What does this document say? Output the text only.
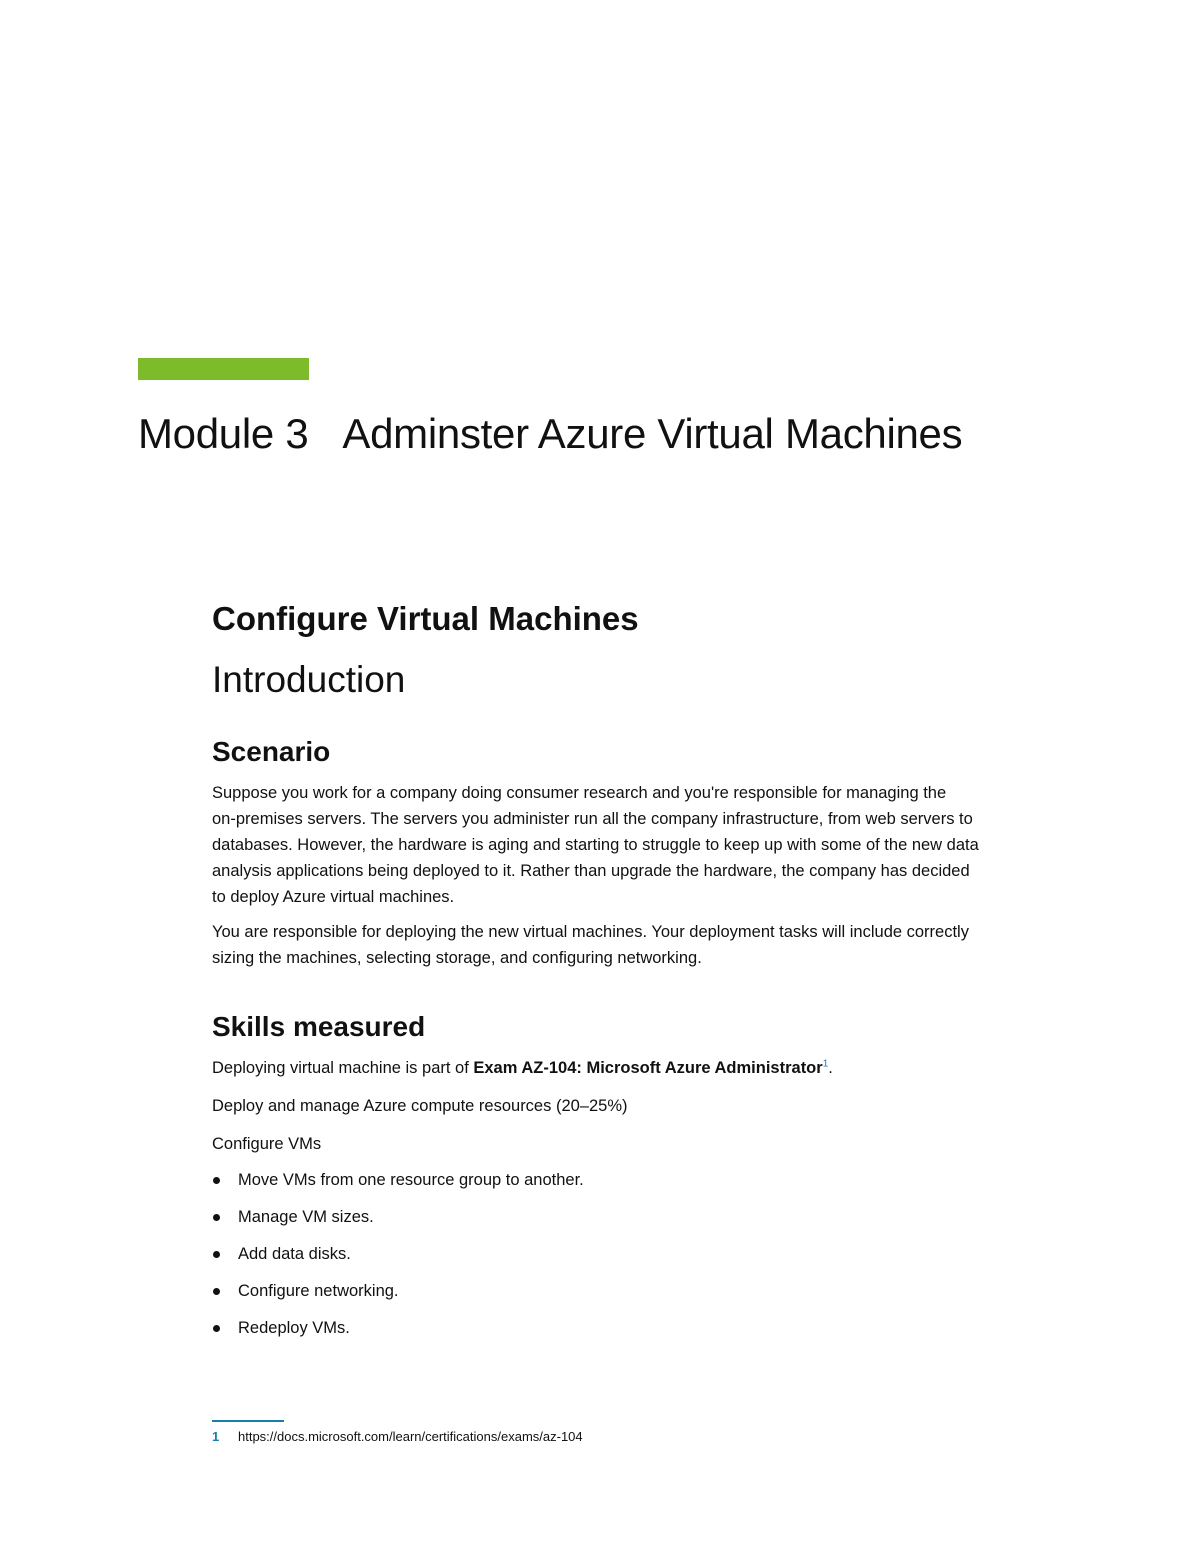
Module 3 Adminster Azure Virtual Machines
Configure Virtual Machines
Introduction
Scenario

Suppose you work for a company doing consumer research and you're responsible for managing the
on-premises servers. The servers you administer run all the company infrastructure, from web servers to
databases. However, the hardware is aging and starting to struggle to keep up with some of the new data
analysis applications being deployed to it. Rather than upgrade the hardware, the company has decided
to deploy Azure virtual machines.

You are responsible for deploying the new virtual machines. Your deployment tasks will include correctly
sizing the machines, selecting storage, and configuring networking.

Skills measured

Deploying virtual machine is part of Exam AZ-104: Microsoft Azure Administrator$^1$.

Deploy and manage Azure compute resources (20–25%)

Configure VMs

Move VMs from one resource group to another.
Manage VM sizes.
Add data disks.
Configure networking.
Redeploy VMs.
1 https://docs.microsoft.com/learn/certifications/exams/az-104
